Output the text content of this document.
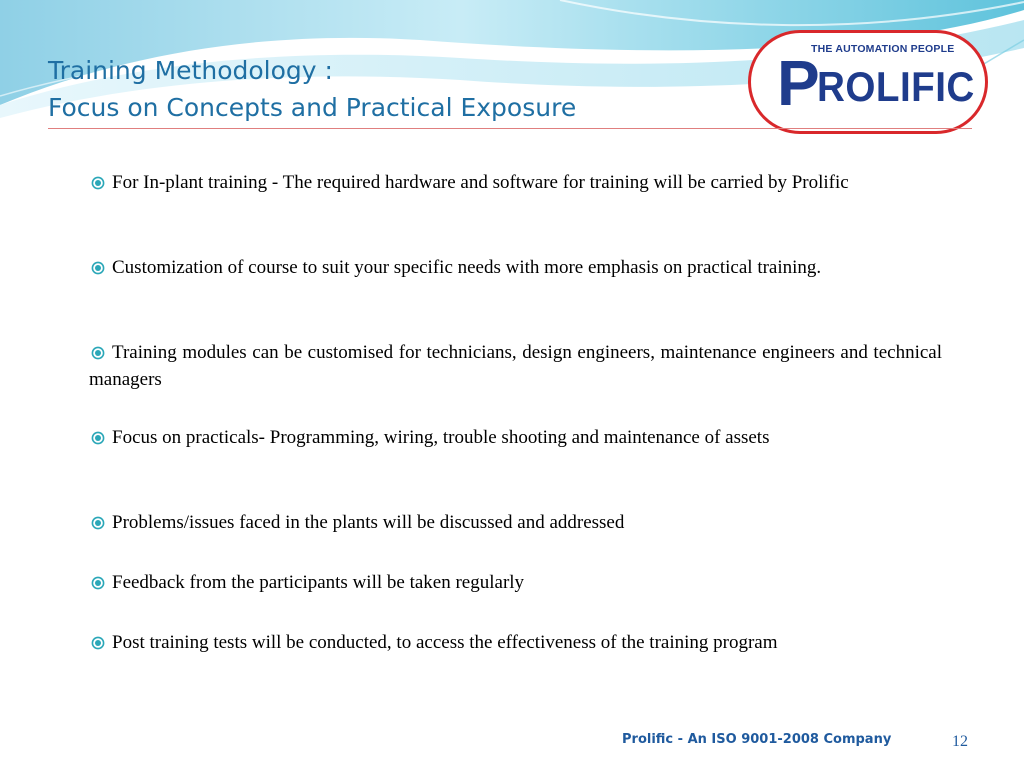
Training Methodology :
Focus on Concepts and Practical Exposure
THE AUTOMATION PEOPLE
P
ROLIFIC
For In-plant training - The required hardware and software for training will be carried by Prolific
Customization of course to suit your specific needs with more emphasis on practical training.
Training modules can be customised for technicians, design engineers, maintenance engineers and technical managers
Focus on practicals- Programming, wiring, trouble shooting and maintenance of assets
Problems/issues faced in the plants will be discussed and addressed
Feedback from the participants will be taken regularly
Post training tests will be conducted, to access the effectiveness of the training program
Prolific - An ISO 9001-2008 Company	12
